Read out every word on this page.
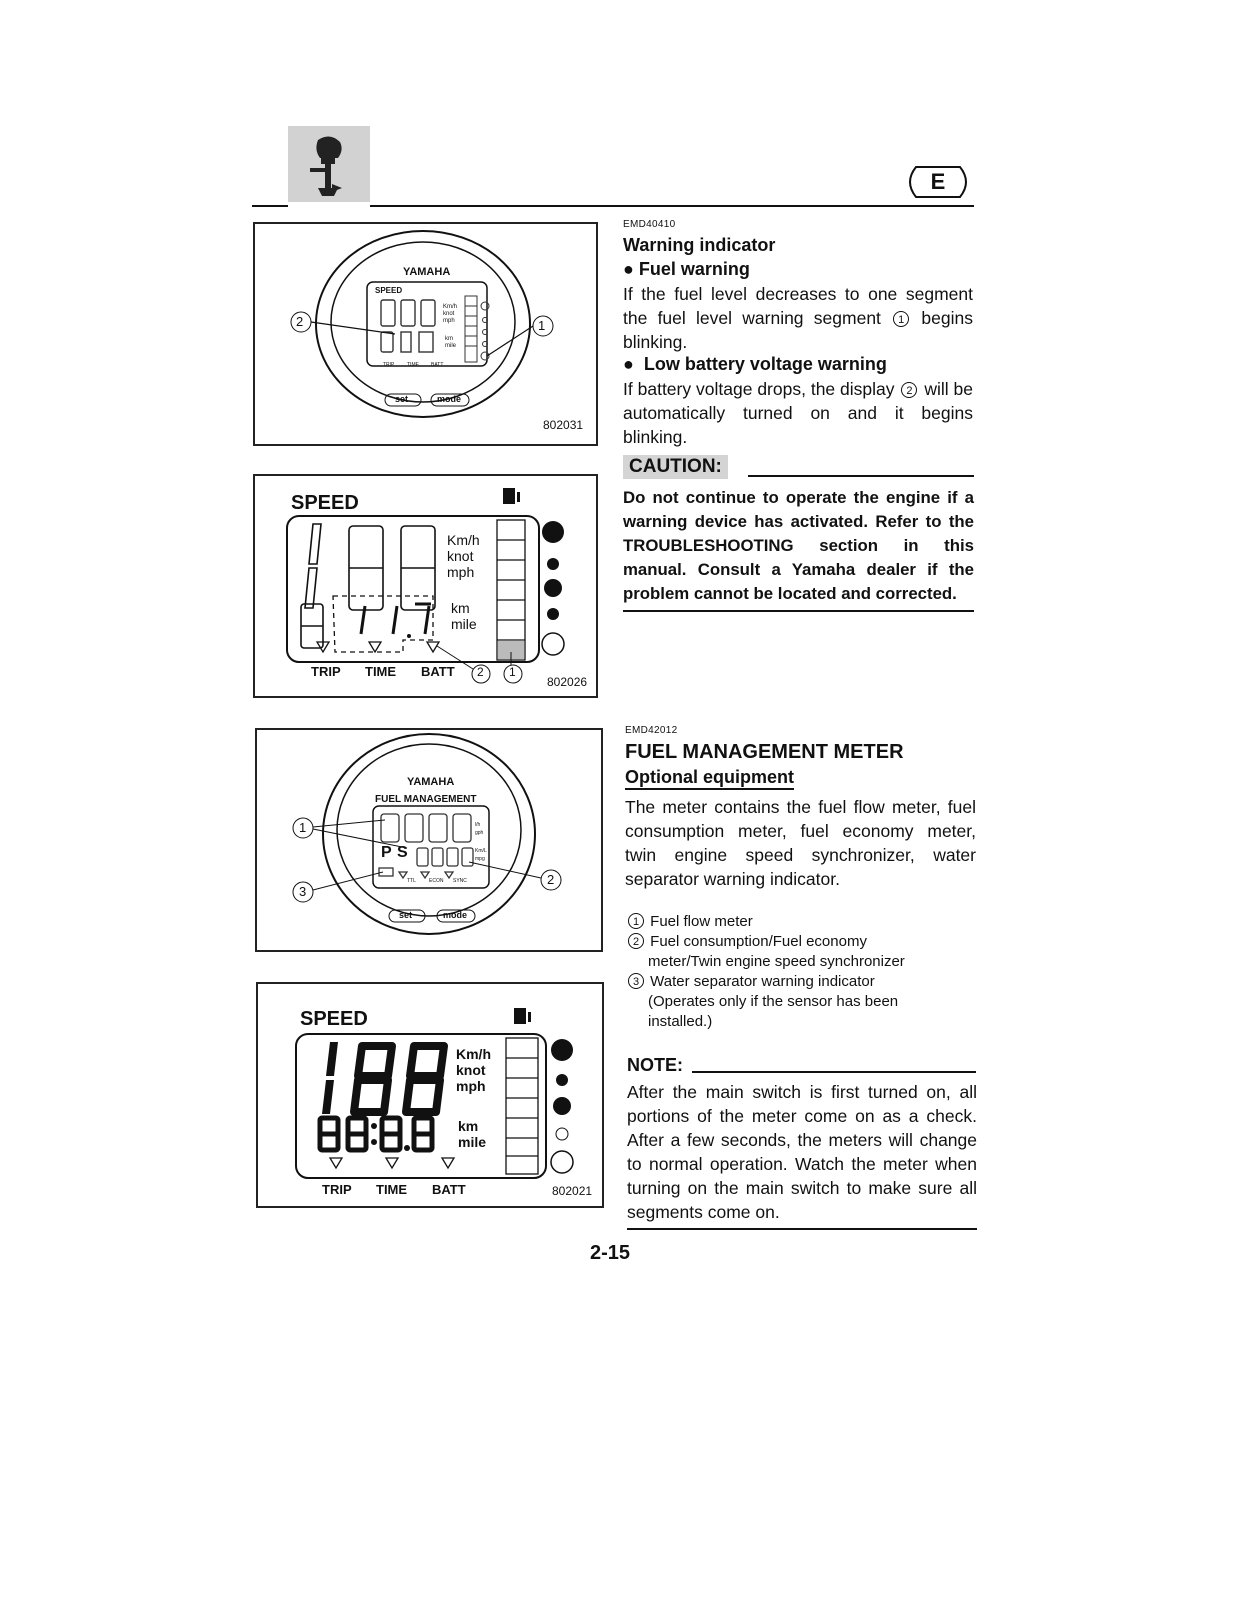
E
YAMAHA
SPEED
Km/h
knot
mph
km
mile
TRIP	TIME BATT
set	mode
2	1
802031
SPEED
Km/h
knot
mph
km
mile
TRIP TIME BATT 2 1
802026
YAMAHA
FUEL MANAGEMENT
l/h
gph
Km/L
mpg
P S
TTL	ECON SYNC
set	mode
1
2
3
SPEED
Km/h
knot
mph
km
mile
TRIP TIME BATT	802021
EMD40410
Warning indicator
● Fuel warning
If the fuel level decreases to one segment the fuel level warning segment 1 begins blinking.
●  Low battery voltage warning
If battery voltage drops, the display 2 will be automatically turned on and it begins blinking.
CAUTION:
Do not continue to operate the engine if a warning device has activated. Refer to the TROUBLESHOOTING section in this manual. Consult a Yamaha dealer if the problem cannot be located and corrected.
EMD42012
FUEL MANAGEMENT METER
Optional equipment
The meter contains the fuel flow meter, fuel consumption meter, fuel economy meter, twin engine speed synchronizer, water separator warning indicator.
1 Fuel flow meter
2 Fuel consumption/Fuel economy
meter/Twin engine speed synchronizer
3 Water separator warning indicator
(Operates only if the sensor has been
installed.)
NOTE:
After the main switch is first turned on, all portions of the meter come on as a check. After a few seconds, the meters will change to normal operation. Watch the meter when turning on the main switch to make sure all segments come on.
2-15
